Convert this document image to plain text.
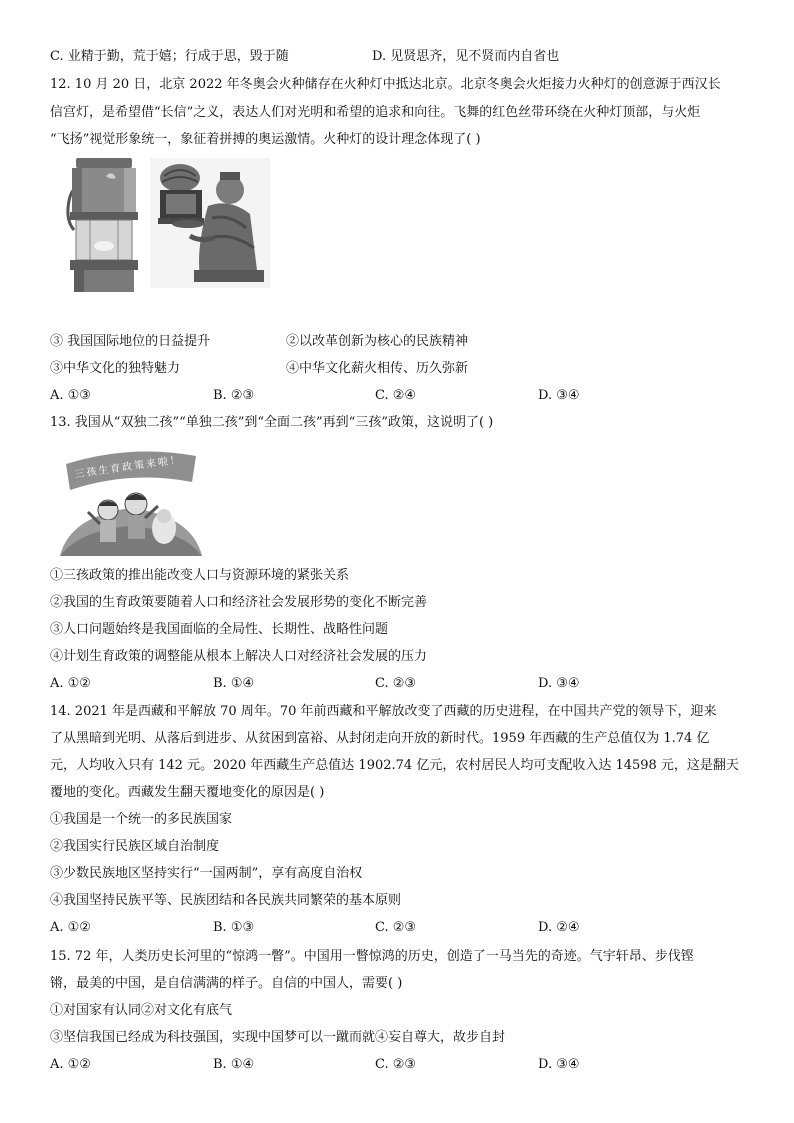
C. 业精于勤，荒于嬉；行成于思，毁于随	D. 见贤思齐，见不贤而内自省也
12. 10 月 20 日，北京 2022 年冬奥会火种储存在火种灯中抵达北京。北京冬奥会火炬接力火种灯的创意源于西汉长
信宫灯，是希望借“长信”之义，表达人们对光明和希望的追求和向往。飞舞的红色丝带环绕在火种灯顶部，与火炬
“飞扬”视觉形象统一，象征着拼搏的奥运激情。火种灯的设计理念体现了( )
③ 我国国际地位的日益提升	②以改革创新为核心的民族精神
③中华文化的独特魅力	④中华文化薪火相传、历久弥新
A. ①③	B. ②③	C. ②④	D. ③④
13. 我国从“双独二孩”“单独二孩”到“全面二孩”再到“三孩”政策，这说明了( )
三孩生育政策来啦！
①三孩政策的推出能改变人口与资源环境的紧张关系
②我国的生育政策要随着人口和经济社会发展形势的变化不断完善
③人口问题始终是我国面临的全局性、长期性、战略性问题
④计划生育政策的调整能从根本上解决人口对经济社会发展的压力
A. ①②	B. ①④	C. ②③	D. ③④
14. 2021 年是西藏和平解放 70 周年。70 年前西藏和平解放改变了西藏的历史进程，在中国共产党的领导下，迎来
了从黑暗到光明、从落后到进步、从贫困到富裕、从封闭走向开放的新时代。1959 年西藏的生产总值仅为 1.74 亿
元，人均收入只有 142 元。2020 年西藏生产总值达 1902.74 亿元，农村居民人均可支配收入达 14598 元，这是翻天
覆地的变化。西藏发生翻天覆地变化的原因是( )
①我国是一个统一的多民族国家
②我国实行民族区域自治制度
③少数民族地区坚持实行“一国两制”，享有高度自治权
④我国坚持民族平等、民族团结和各民族共同繁荣的基本原则
A. ①②	B. ①③	C. ②③	D. ②④
15. 72 年，人类历史长河里的“惊鸿一瞥”。中国用一瞥惊鸿的历史，创造了一马当先的奇迹。气宇轩昂、步伐铿
锵，最美的中国，是自信满满的样子。自信的中国人，需要( )
①对国家有认同②对文化有底气
③坚信我国已经成为科技强国，实现中国梦可以一蹴而就④妄自尊大，故步自封
A. ①②	B. ①④	C. ②③	D. ③④
